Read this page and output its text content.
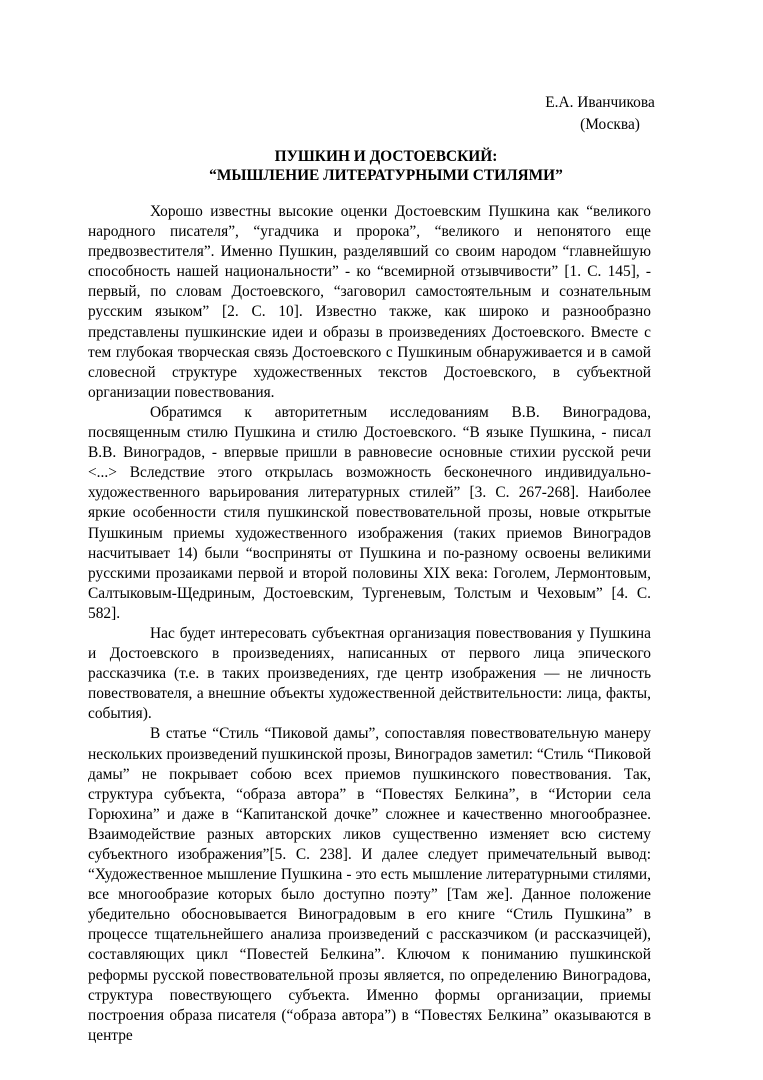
Е.А. Иванчикова
(Москва)
ПУШКИН И ДОСТОЕВСКИЙ:
“МЫШЛЕНИЕ ЛИТЕРАТУРНЫМИ СТИЛЯМИ”

Хорошо известны высокие оценки Достоевским Пушкина как “великого народного писателя”, “угадчика и пророка”, “великого и непонятого еще предвозвестителя”. Именно Пушкин, разделявший со своим народом “главнейшую способность нашей национальности” - ко “всемирной отзывчивости” [1. С. 145], - первый, по словам Достоевского, “заговорил самостоятельным и сознательным русским языком” [2. С. 10]. Известно также, как широко и разнообразно представлены пушкинские идеи и образы в произведениях Достоевского. Вместе с тем глубокая творческая связь Достоевского с Пушкиным обнаруживается и в самой словесной структуре художественных текстов Достоевского, в субъектной организации повествования.

Обратимся к авторитетным исследованиям В.В. Виноградова, посвященным стилю Пушкина и стилю Достоевского. “В языке Пушкина, - писал В.В. Виноградов, - впервые пришли в равновесие основные стихии русской речи <...> Вследствие этого открылась возможность бесконечного индивидуально-художественного варьирования литературных стилей” [3. С. 267-268]. Наиболее яркие особенности стиля пушкинской повествовательной прозы, новые открытые Пушкиным приемы художественного изображения (таких приемов Виноградов насчитывает 14) были “восприняты от Пушкина и по-разному освоены великими русскими прозаиками первой и второй половины XIX века: Гоголем, Лермонтовым, Салтыковым-Щедриным, Достоевским, Тургеневым, Толстым и Чеховым” [4. С. 582].

Нас будет интересовать субъектная организация повествования у Пушкина и Достоевского в произведениях, написанных от первого лица эпического рассказчика (т.е. в таких произведениях, где центр изображения — не личность повествователя, а внешние объекты художественной действительности: лица, факты, события).

В статье “Стиль “Пиковой дамы”, сопоставляя повествовательную манеру нескольких произведений пушкинской прозы, Виноградов заметил: “Стиль “Пиковой дамы” не покрывает собою всех приемов пушкинского повествования. Так, структура субъекта, “образа автора” в “Повестях Белкина”, в “Истории села Горюхина” и даже в “Капитанской дочке” сложнее и качественно многообразнее. Взаимодействие разных авторских ликов существенно изменяет всю систему субъектного изображения”[5. С. 238]. И далее следует примечательный вывод: “Художественное мышление Пушкина - это есть мышление литературными стилями, все многообразие которых было доступно поэту” [Там же]. Данное положение убедительно обосновывается Виноградовым в его книге “Стиль Пушкина” в процессе тщательнейшего анализа произведений с рассказчиком (и рассказчицей), составляющих цикл “Повестей Белкина”. Ключом к пониманию пушкинской реформы русской повествовательной прозы является, по определению Виноградова, структура повествующего субъекта. Именно формы организации, приемы построения образа писателя (“образа автора”) в “Повестях Белкина” оказываются в центре
